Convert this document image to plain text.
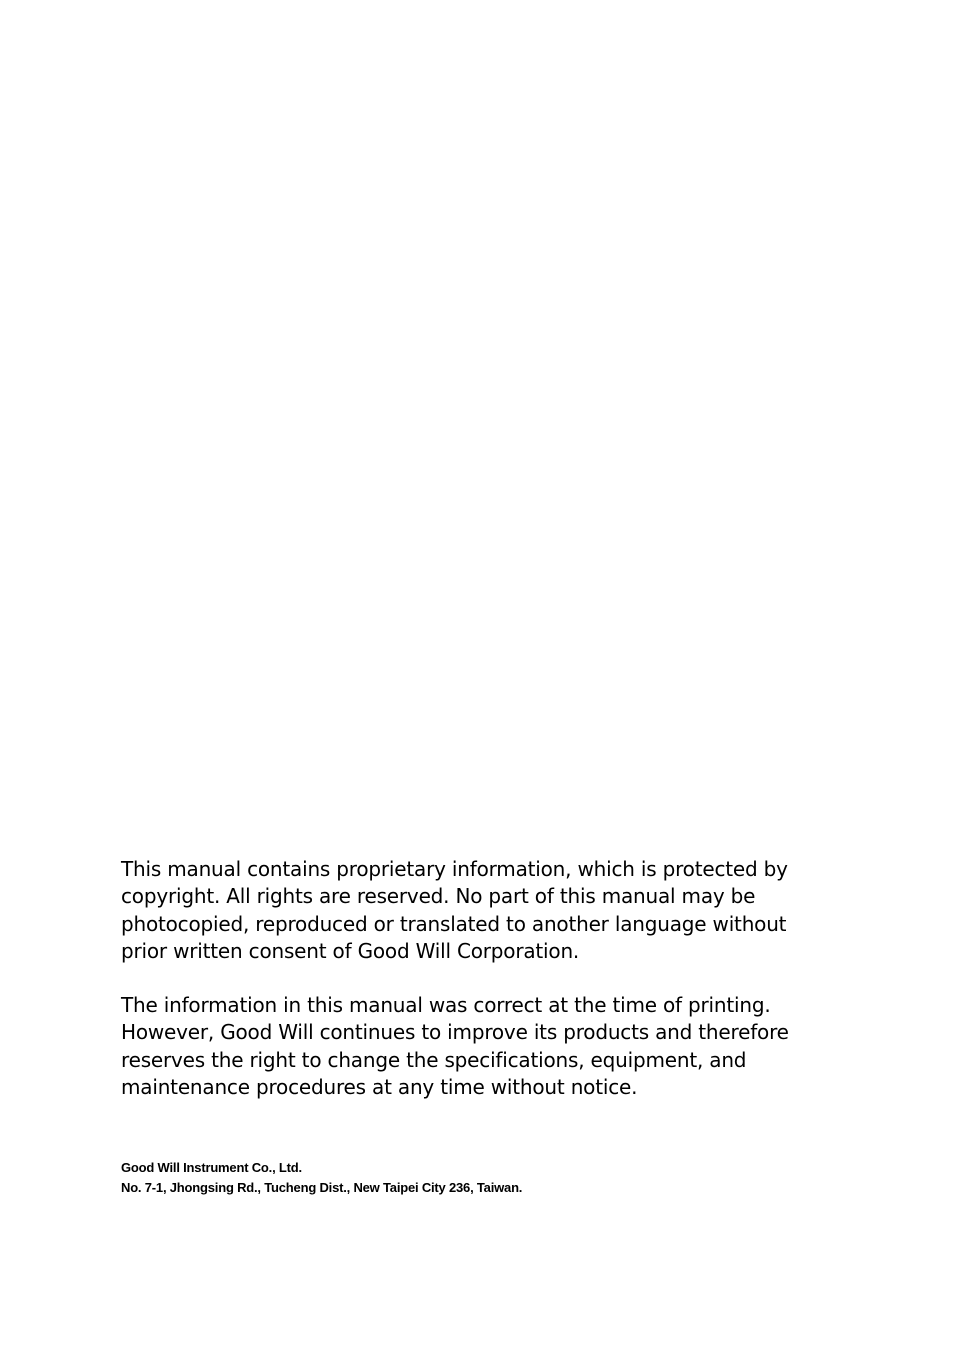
This manual contains proprietary information, which is protected by
copyright. All rights are reserved. No part of this manual may be
photocopied, reproduced or translated to another language without
prior written consent of Good Will Corporation.

The information in this manual was correct at the time of printing.
However, Good Will continues to improve its products and therefore
reserves the right to change the specifications, equipment, and
maintenance procedures at any time without notice.

Good Will Instrument Co., Ltd.
No. 7-1, Jhongsing Rd., Tucheng Dist., New Taipei City 236, Taiwan.
